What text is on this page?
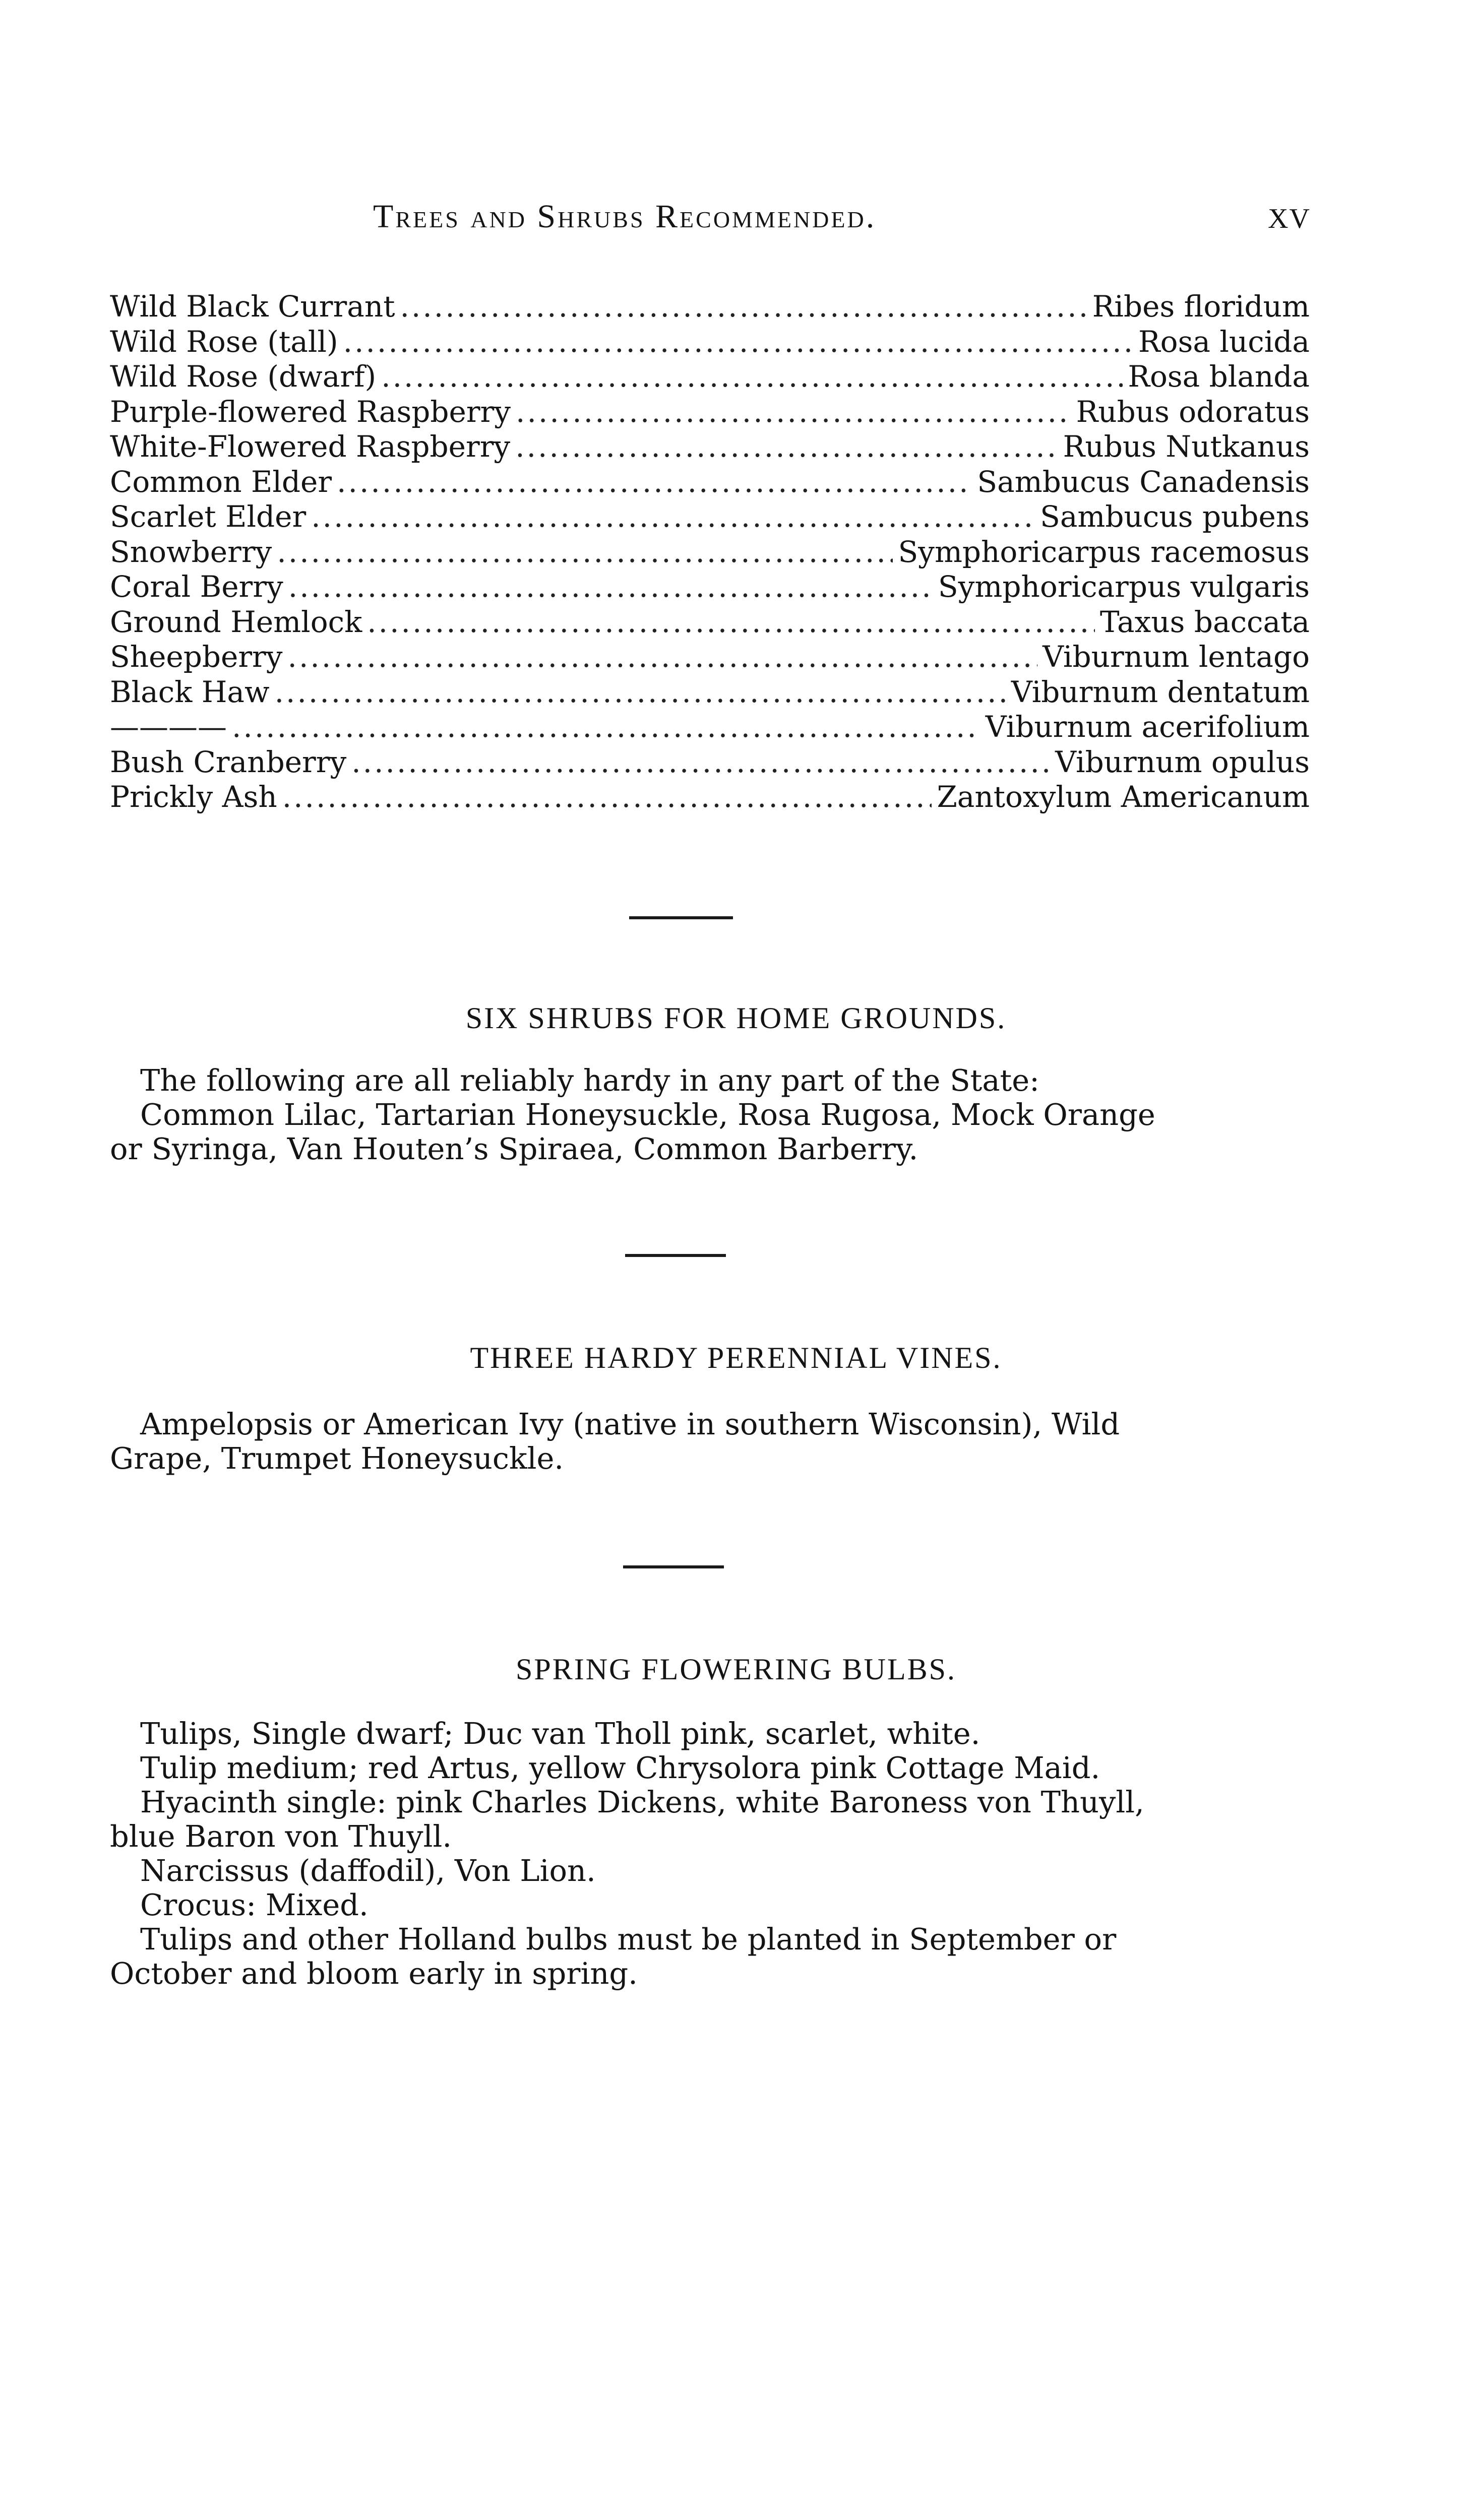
Trees and Shrubs Recommended.	XV
Wild Black Currant .....	Ribes floridum
Wild Rose (tall) .....	Rosa lucida
Wild Rose (dwarf) .....	Rosa blanda
Purple-flowered Raspberry .....	Rubus odoratus
White-Flowered Raspberry .....	Rubus Nutkanus
Common Elder .....	Sambucus Canadensis
Scarlet Elder .....	Sambucus pubens
Snowberry .....	Symphoricarpus racemosus
Coral Berry .....	Symphoricarpus vulgaris
Ground Hemlock .....	Taxus baccata
Sheepberry .....	Viburnum lentago
Black Haw .....	Viburnum dentatum
———— .....	Viburnum acerifolium
Bush Cranberry .....	Viburnum opulus
Prickly Ash .....	Zantoxylum Americanum
SIX SHRUBS FOR HOME GROUNDS.

The following are all reliably hardy in any part of the State:
Common Lilac, Tartarian Honeysuckle, Rosa Rugosa, Mock Orange
or Syringa, Van Houten’s Spiraea, Common Barberry.

THREE HARDY PERENNIAL VINES.

Ampelopsis or American Ivy (native in southern Wisconsin), Wild
Grape, Trumpet Honeysuckle.

SPRING FLOWERING BULBS.

Tulips, Single dwarf; Duc van Tholl pink, scarlet, white.
Tulip medium; red Artus, yellow Chrysolora pink Cottage Maid.
Hyacinth single: pink Charles Dickens, white Baroness von Thuyll,
blue Baron von Thuyll.
Narcissus (daffodil), Von Lion.
Crocus: Mixed.
Tulips and other Holland bulbs must be planted in September or
October and bloom early in spring.
